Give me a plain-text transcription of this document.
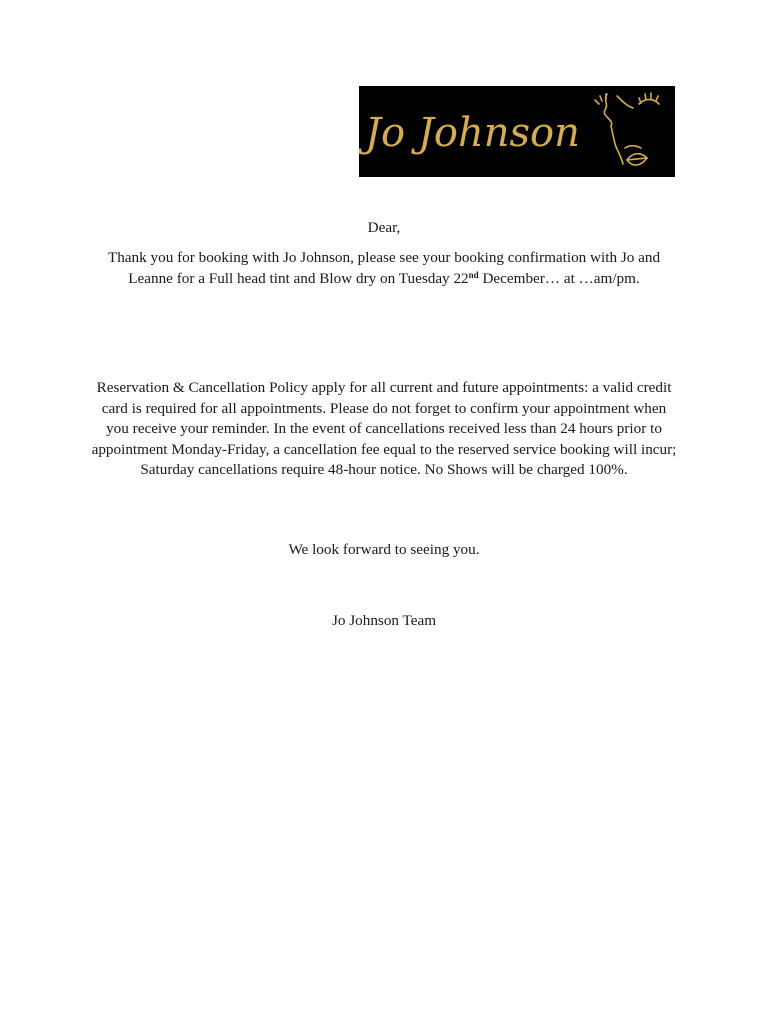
Jo Johnson

Dear,

Thank you for booking with Jo Johnson, please see your booking confirmation with Jo and Leanne for a Full head tint and Blow dry on Tuesday 22nd December… at …am/pm.

Reservation & Cancellation Policy apply for all current and future appointments: a valid credit card is required for all appointments. Please do not forget to confirm your appointment when you receive your reminder. In the event of cancellations received less than 24 hours prior to appointment Monday-Friday, a cancellation fee equal to the reserved service booking will incur; Saturday cancellations require 48-hour notice. No Shows will be charged 100%.

We look forward to seeing you.

Jo Johnson Team
